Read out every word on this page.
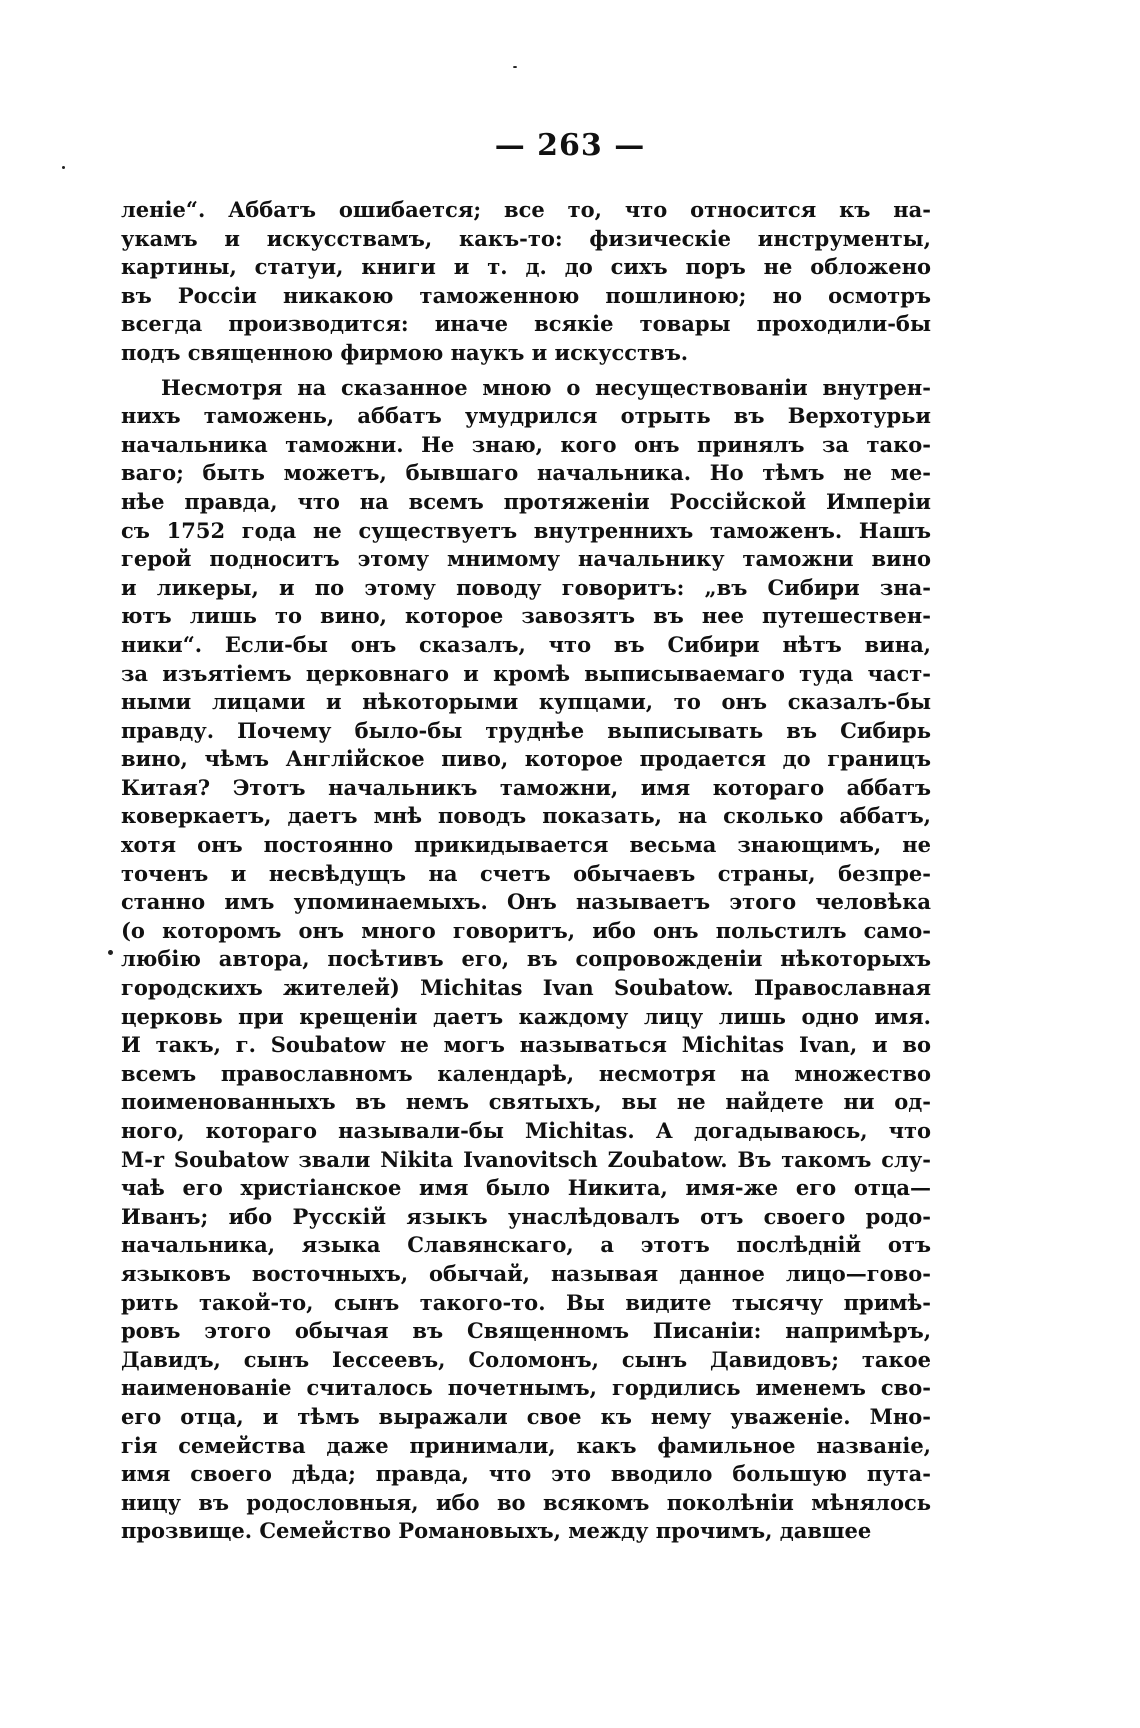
— 263 —
ленiе“. Аббатъ ошибается; все то, что относится къ на-
укамъ и искусствамъ, какъ-то: физическiе инструменты,
картины, статуи, книги и т. д. до сихъ поръ не обложено
въ Россiи никакою таможенною пошлиною; но осмотръ
всегда производится: иначе всякiе товары проходили-бы
подъ священною фирмою наукъ и искусствъ.
Несмотря на сказанное мною о несуществованiи внутрен-
нихъ таможень, аббатъ умудрился отрыть въ Верхотурьи
начальника таможни. Не знаю, кого онъ принялъ за тако-
ваго; быть можетъ, бывшаго начальника. Но тѣмъ не ме-
нѣе правда, что на всемъ протяженiи Россiйской Имперiи
съ 1752 года не существуетъ внутреннихъ таможенъ. Нашъ
герой подноситъ этому мнимому начальнику таможни вино
и ликеры, и по этому поводу говоритъ: „въ Сибири зна-
ютъ лишь то вино, которое завозятъ въ нее путешествен-
ники“. Если-бы онъ сказалъ, что въ Сибири нѣтъ вина,
за изъятiемъ церковнаго и кромѣ выписываемаго туда част-
ными лицами и нѣкоторыми купцами, то онъ сказалъ-бы
правду. Почему было-бы труднѣе выписывать въ Сибирь
вино, чѣмъ Англiйское пиво, которое продается до границъ
Китая? Этотъ начальникъ таможни, имя котораго аббатъ
коверкаетъ, даетъ мнѣ поводъ показать, на сколько аббатъ,
хотя онъ постоянно прикидывается весьма знающимъ, не
точенъ и несвѣдущъ на счетъ обычаевъ страны, безпре-
станно имъ упоминаемыхъ. Онъ называетъ этого человѣка
(о которомъ онъ много говоритъ, ибо онъ польстилъ само-
любiю автора, посѣтивъ его, въ сопровожденiи нѣкоторыхъ
городскихъ жителей) Michitas Ivan Soubatow. Православная
церковь при крещенiи даетъ каждому лицу лишь одно имя.
И такъ, г. Soubatow не могъ называться Michitas Ivan, и во
всемъ православномъ календарѣ, несмотря на множество
поименованныхъ въ немъ святыхъ, вы не найдете ни од-
ного, котораго называли-бы Michitas. А догадываюсь, что
M-r Soubatow звали Nikita Ivanovitsch Zoubatow. Въ такомъ слу-
чаѣ его христiанское имя было Никита, имя-же его отца—
Иванъ; ибо Русскiй языкъ унаслѣдовалъ отъ своего родо-
начальника, языка Славянскаго, а этотъ послѣднiй отъ
языковъ восточныхъ, обычай, называя данное лицо—гово-
рить такой-то, сынъ такого-то. Вы видите тысячу примѣ-
ровъ этого обычая въ Священномъ Писанiи: напримѣръ,
Давидъ, сынъ Iессеевъ, Соломонъ, сынъ Давидовъ; такое
наименованiе считалось почетнымъ, гордились именемъ сво-
его отца, и тѣмъ выражали свое къ нему уваженiе. Мно-
гiя семейства даже принимали, какъ фамильное названiе,
имя своего дѣда; правда, что это вводило большую путa-
ницу въ родословныя, ибо во всякомъ поколѣнiи мѣнялось
прозвище. Семейство Романовыхъ, между прочимъ, давшее
